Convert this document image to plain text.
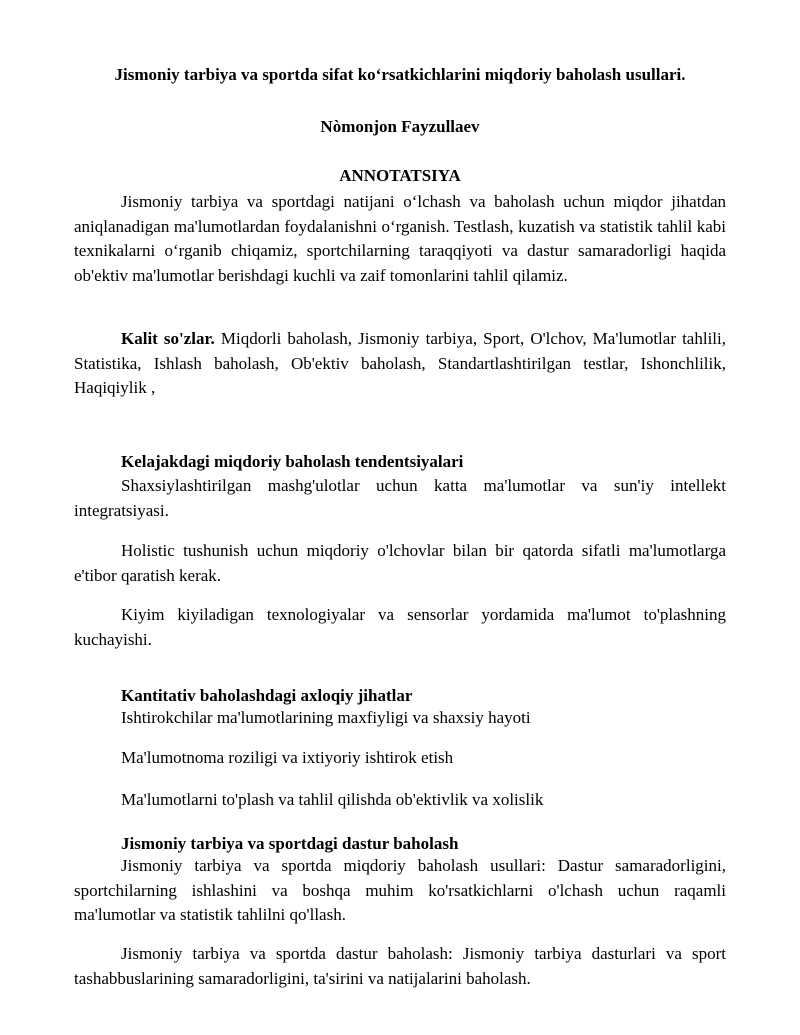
Jismoniy tarbiya va sportda sifat ko‘rsatkichlarini miqdoriy baholash usullari.
Nòmonjon Fayzullaev
ANNOTATSIYA

Jismoniy tarbiya va sportdagi natijani o‘lchash va baholash uchun miqdor jihatdan aniqlanadigan ma'lumotlardan foydalanishni o‘rganish. Testlash, kuzatish va statistik tahlil kabi texnikalarni o‘rganib chiqamiz, sportchilarning taraqqiyoti va dastur samaradorligi haqida ob'ektiv ma'lumotlar berishdagi kuchli va zaif tomonlarini tahlil qilamiz.

Kalit so'zlar. Miqdorli baholash, Jismoniy tarbiya, Sport, O'lchov, Ma'lumotlar tahlili, Statistika, Ishlash baholash, Ob'ektiv baholash, Standartlashtirilgan testlar, Ishonchlilik, Haqiqiylik ,

Kelajakdagi miqdoriy baholash tendentsiyalari

Shaxsiylashtirilgan mashg'ulotlar uchun katta ma'lumotlar va sun'iy intellekt integratsiyasi.

Holistic tushunish uchun miqdoriy o'lchovlar bilan bir qatorda sifatli ma'lumotlarga e'tibor qaratish kerak.

Kiyim kiyiladigan texnologiyalar va sensorlar yordamida ma'lumot to'plashning kuchayishi.

Kantitativ baholashdagi axloqiy jihatlar

Ishtirokchilar ma'lumotlarining maxfiyligi va shaxsiy hayoti

Ma'lumotnoma roziligi va ixtiyoriy ishtirok etish

Ma'lumotlarni to'plash va tahlil qilishda ob'ektivlik va xolislik

Jismoniy tarbiya va sportdagi dastur baholash

Jismoniy tarbiya va sportda miqdoriy baholash usullari: Dastur samaradorligini, sportchilarning ishlashini va boshqa muhim ko'rsatkichlarni o'lchash uchun raqamli ma'lumotlar va statistik tahlilni qo'llash.

Jismoniy tarbiya va sportda dastur baholash: Jismoniy tarbiya dasturlari va sport tashabbuslarining samaradorligini, ta'sirini va natijalarini baholash.
